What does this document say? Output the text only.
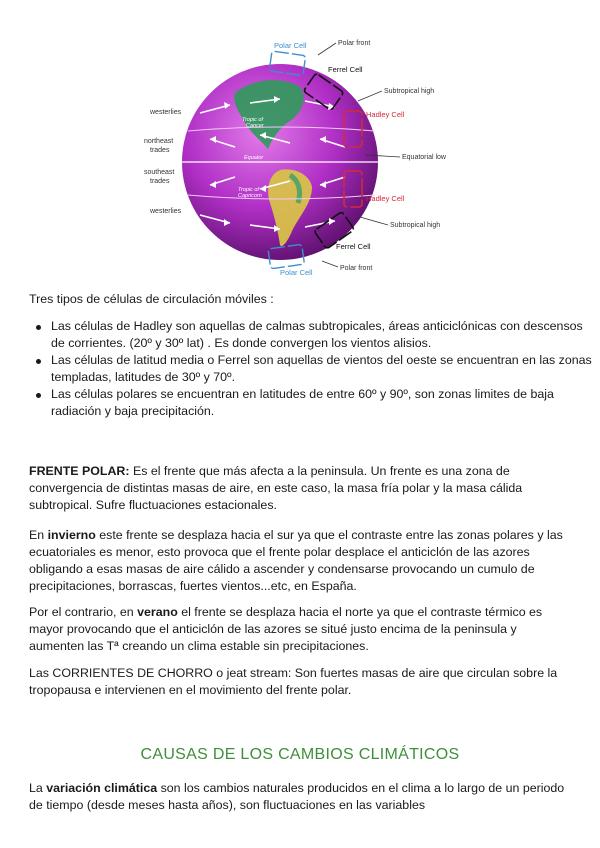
Tropic of
Cancer
Equator
Tropic of
Capricorn
westerlies
northeast
trades
southeast
trades
westerlies
Polar Cell	Polar front
Ferrel Cell
Subtropical high
Hadley Cell
Equatorial low
Hadley Cell
Subtropical high
Ferrel Cell
Polar front
Polar Cell

Tres tipos de células de circulación móviles :

Las células de Hadley son aquellas de calmas subtropicales, áreas anticiclónicas con descensos de corrientes. (20º y 30º lat) . Es donde convergen los vientos alisios.
Las células de latitud media o Ferrel son aquellas de vientos del oeste se encuentran en las zonas templadas, latitudes de 30º y 70º.
Las células polares se encuentran en latitudes de entre 60º y 90º, son zonas limites de baja radiación y baja precipitación.

FRENTE POLAR: Es el frente que más afecta a la peninsula. Un frente es una zona de convergencia de distintas masas de aire, en este caso, la masa fría polar y la masa cálida subtropical. Sufre fluctuaciones estacionales.

En invierno este frente se desplaza hacia el sur ya que el contraste entre las zonas polares y las ecuatoriales es menor, esto provoca que el frente polar desplace el anticiclón de las azores obligando a esas masas de aire cálido a ascender y condensarse provocando un cumulo de precipitaciones, borrascas, fuertes vientos...etc, en España.

Por el contrario, en verano el frente se desplaza hacia el norte ya que el contraste térmico es mayor provocando que el anticiclón de las azores se situé justo encima de la peninsula y aumenten las Tª creando un clima estable sin precipitaciones.

Las CORRIENTES DE CHORRO o jeat stream: Son fuertes masas de aire que circulan sobre la tropopausa e intervienen en el movimiento del frente polar.

CAUSAS DE LOS CAMBIOS CLIMÁTICOS

La variación climática son los cambios naturales producidos en el clima a lo largo de un periodo de tiempo (desde meses hasta años), son fluctuaciones en las variables
